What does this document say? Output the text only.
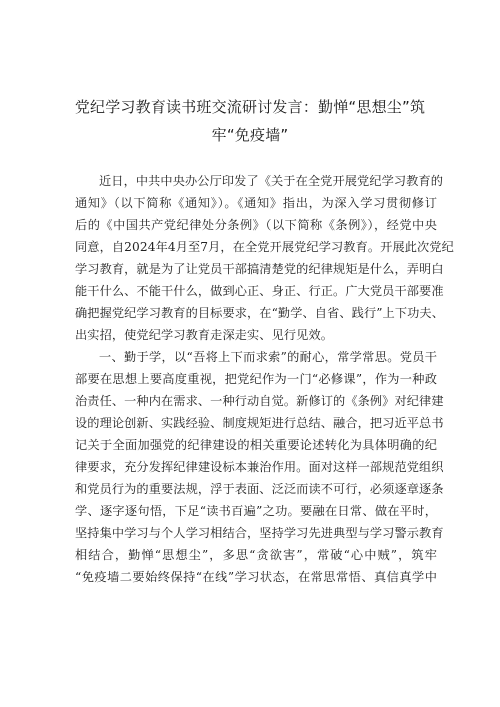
党纪学习教育读书班交流研讨发言：勤惮“思想尘”筑
牢“免疫墙”
近日，中共中央办公厅印发了《关于在全党开展党纪学习教育的
通知》（以下简称《通知》）。《通知》指出，为深入学习贯彻修订
后的《中国共产党纪律处分条例》（以下简称《条例》），经党中央
同意，自2024年4月至7月，在全党开展党纪学习教育。开展此次党纪
学习教育，就是为了让党员干部搞清楚党的纪律规矩是什么，弄明白
能干什么、不能干什么，做到心正、身正、行正。广大党员干部要准
确把握党纪学习教育的目标要求，在“勤学、自省、践行”上下功夫、
出实招，使党纪学习教育走深走实、见行见效。
一、勤于学，以“吾将上下而求索”的耐心，常学常思。党员干
部要在思想上要高度重视，把党纪作为一门“必修课”，作为一种政
治责任、一种内在需求、一种行动自觉。新修订的《条例》对纪律建
设的理论创新、实践经验、制度规矩进行总结、融合，把习近平总书
记关于全面加强党的纪律建设的相关重要论述转化为具体明确的纪
律要求，充分发挥纪律建设标本兼治作用。面对这样一部规范党组织
和党员行为的重要法规，浮于表面、泛泛而读不可行，必须逐章逐条
学、逐字逐句悟，下足“读书百遍”之功。要融在日常、做在平时，
坚持集中学习与个人学习相结合，坚持学习先进典型与学习警示教育
相结合，勤惮“思想尘”，多思“贪欲害”，常破“心中贼”，筑牢
“免疫墙二要始终保持“在线”学习状态，在常思常悟、真信真学中
